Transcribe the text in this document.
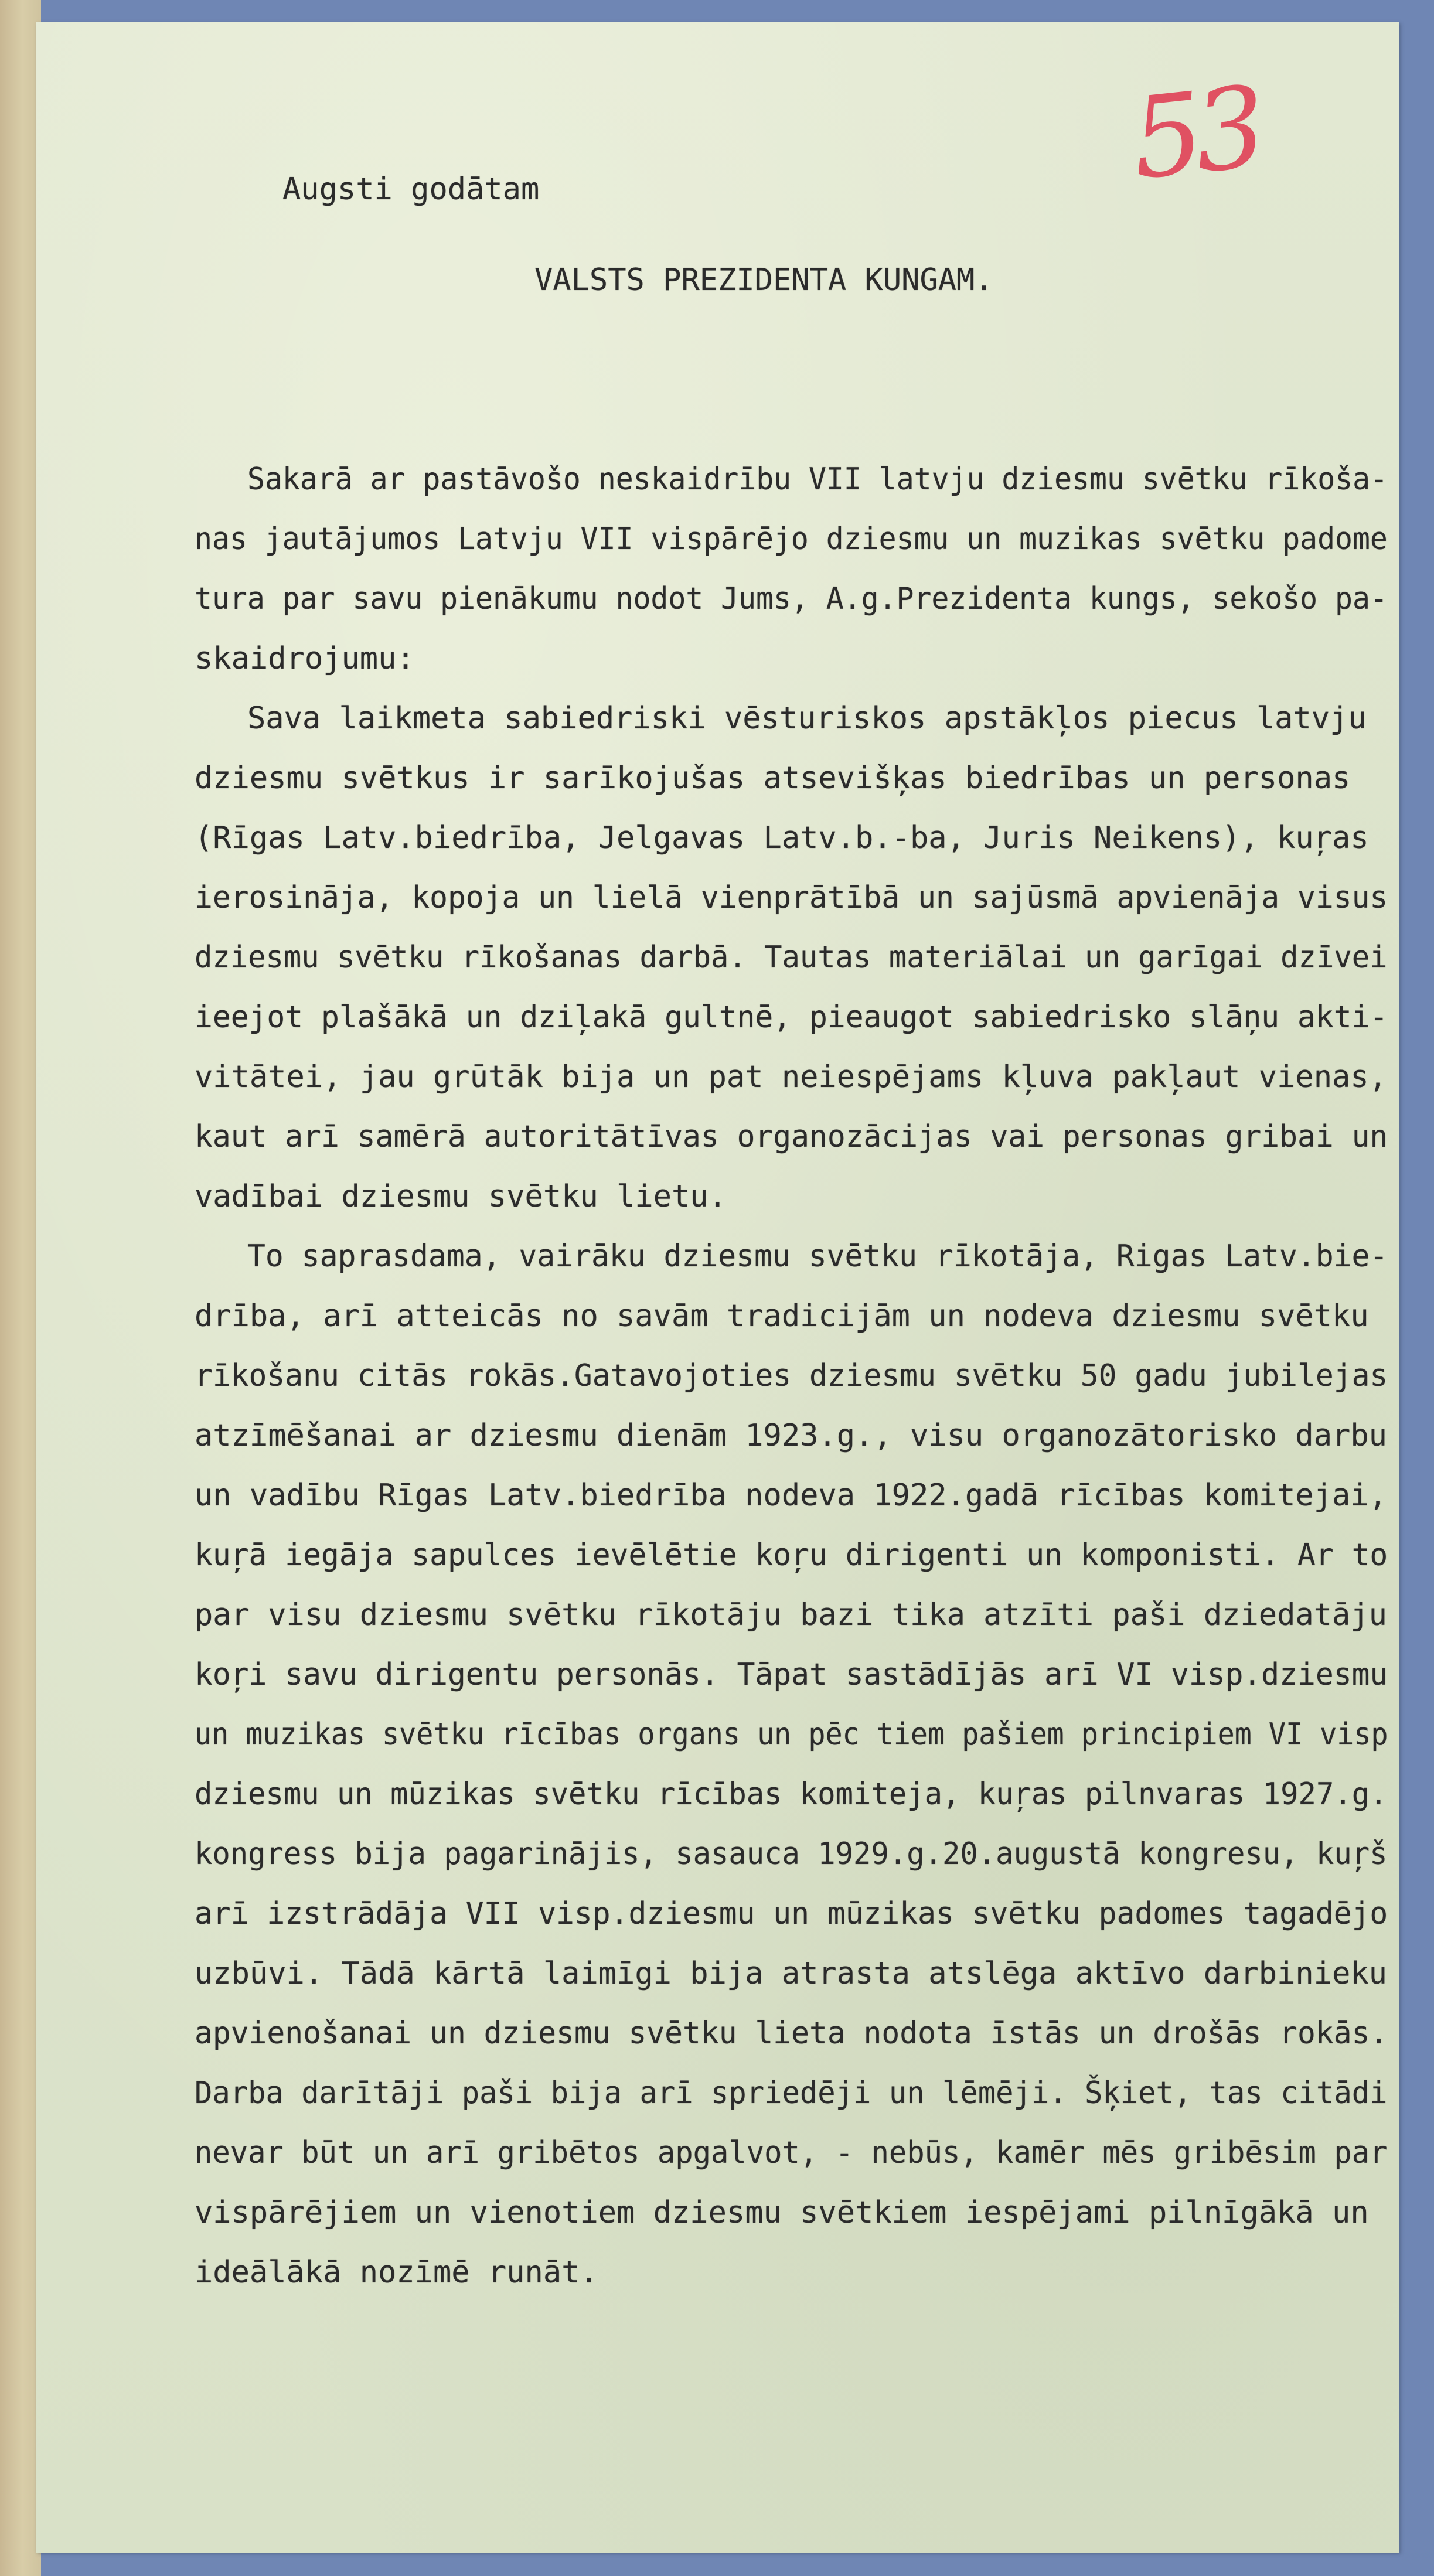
53
Augsti godātam
VALSTS PREZIDENTA KUNGAM.
Sakarā ar pastāvošo neskaidrību VII latvju dziesmu svētku rīkoša-
nas jautājumos Latvju VII vispārējo dziesmu un muzikas svētku padome
tura par savu pienākumu nodot Jums, A.g.Prezidenta kungs, sekošo pa-
skaidrojumu:
Sava laikmeta sabiedriski vēsturiskos apstākļos piecus latvju
dziesmu svētkus ir sarīkojušas atsevišķas biedrības un personas
(Rīgas Latv.biedrība, Jelgavas Latv.b.-ba, Juris Neikens), kuŗas
ierosināja, kopoja un lielā vienprātībā un sajūsmā apvienāja visus
dziesmu svētku rīkošanas darbā. Tautas materiālai un garīgai dzīvei
ieejot plašākā un dziļakā gultnē, pieaugot sabiedrisko slāņu akti-
vitātei, jau grūtāk bija un pat neiespējams kļuva pakļaut vienas,
kaut arī samērā autoritātīvas organozācijas vai personas gribai un
vadībai dziesmu svētku lietu.
To saprasdama, vairāku dziesmu svētku rīkotāja, Rigas Latv.bie-
drība, arī atteicās no savām tradicijām un nodeva dziesmu svētku
rīkošanu citās rokās.Gatavojoties dziesmu svētku 50 gadu jubilejas
atzīmēšanai ar dziesmu dienām 1923.g., visu organozātorisko darbu
un vadību Rīgas Latv.biedrība nodeva 1922.gadā rīcības komitejai,
kuŗā iegāja sapulces ievēlētie koŗu dirigenti un komponisti. Ar to
par visu dziesmu svētku rīkotāju bazi tika atzīti paši dziedatāju
koŗi savu dirigentu personās. Tāpat sastādījās arī VI visp.dziesmu
un muzikas svētku rīcības organs un pēc tiem pašiem principiem VI visp
dziesmu un mūzikas svētku rīcības komiteja, kuŗas pilnvaras 1927.g.
kongress bija pagarinājis, sasauca 1929.g.20.augustā kongresu, kuŗš
arī izstrādāja VII visp.dziesmu un mūzikas svētku padomes tagadējo
uzbūvi. Tādā kārtā laimīgi bija atrasta atslēga aktīvo darbinieku
apvienošanai un dziesmu svētku lieta nodota īstās un drošās rokās.
Darba darītāji paši bija arī spriedēji un lēmēji. Šķiet, tas citādi
nevar būt un arī gribētos apgalvot, - nebūs, kamēr mēs gribēsim par
vispārējiem un vienotiem dziesmu svētkiem iespējami pilnīgākā un
ideālākā nozīmē runāt.
